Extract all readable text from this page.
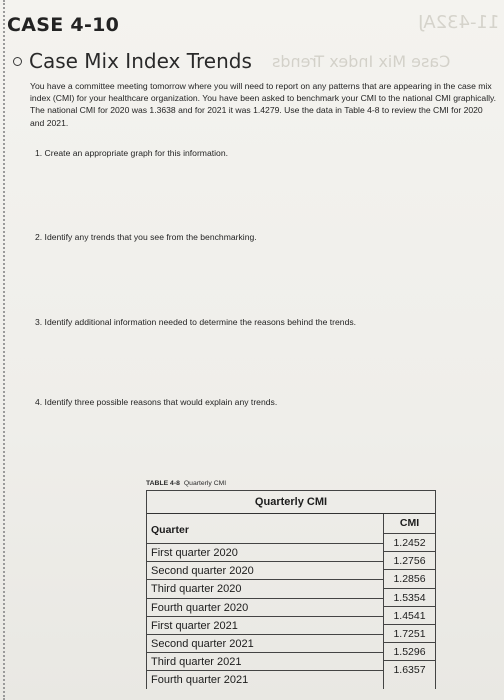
11-432AJ
Case Mix Index Trends
CASE 4-10
Case Mix Index Trends
You have a committee meeting tomorrow where you will need to report on any patterns that are appearing in the case mix index (CMI) for your healthcare organization. You have been asked to benchmark your CMI to the national CMI graphically. The national CMI for 2020 was 1.3638 and for 2021 it was 1.4279. Use the data in Table 4-8 to review the CMI for 2020 and 2021.
1. Create an appropriate graph for this information.
2. Identify any trends that you see from the benchmarking.
3. Identify additional information needed to determine the reasons behind the trends.
4. Identify three possible reasons that would explain any trends.
TABLE 4-8 Quarterly CMI
Quarterly CMI
Quarter
First quarter 2020
Second quarter 2020
Third quarter 2020
Fourth quarter 2020
First quarter 2021
Second quarter 2021
Third quarter 2021
Fourth quarter 2021
CMI
1.2452
1.2756
1.2856
1.5354
1.4541
1.7251
1.5296
1.6357
